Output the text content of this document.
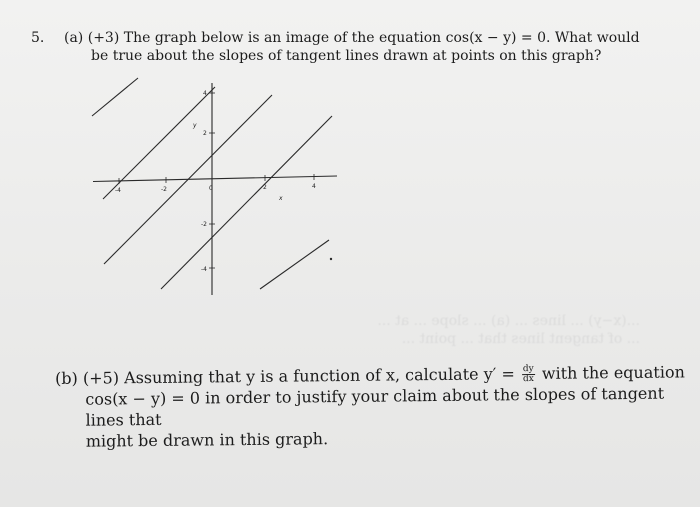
5. (a) (+3) The graph below is an image of the equation cos(x − y) = 0. What would
be true about the slopes of tangent lines drawn at points on this graph?
-4	-2	0	2	4
4
2
-2
-4
x
y
...(x−y) ... lines ... (a) ... slope ... at ...
... of tangent lines that ... point ...
(b) (+5) Assuming that y is a function of x, calculate $y' = \frac{dy}{dx}$ with the equation
cos(x − y) = 0 in order to justify your claim about the slopes of tangent lines that
might be drawn in this graph.
